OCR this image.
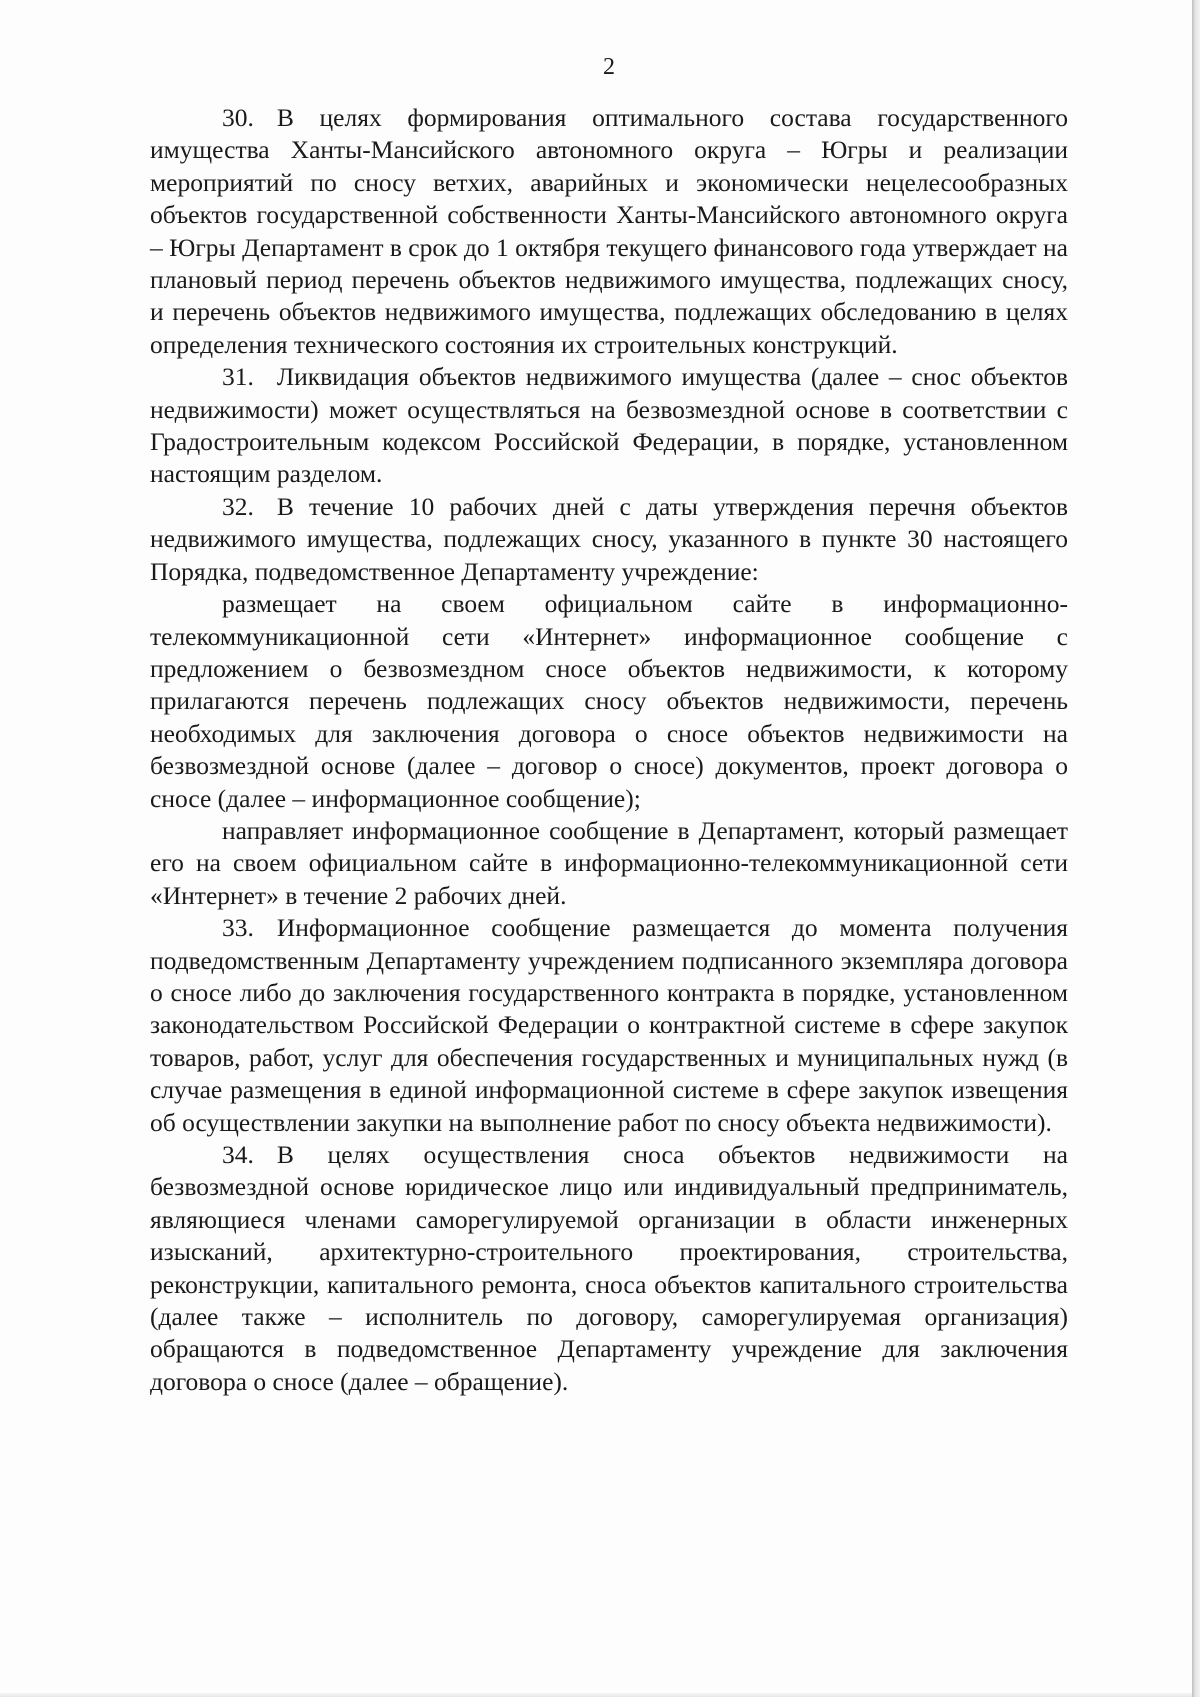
2

30. В целях формирования оптимального состава государственного имущества Ханты-Мансийского автономного округа – Югры и реализации мероприятий по сносу ветхих, аварийных и экономически нецелесообразных объектов государственной собственности Ханты-Мансийского автономного округа – Югры Департамент в срок до 1 октября текущего финансового года утверждает на плановый период перечень объектов недвижимого имущества, подлежащих сносу, и перечень объектов недвижимого имущества, подлежащих обследованию в целях определения технического состояния их строительных конструкций.

31. Ликвидация объектов недвижимого имущества (далее – снос объектов недвижимости) может осуществляться на безвозмездной основе в соответствии с Градостроительным кодексом Российской Федерации, в порядке, установленном настоящим разделом.

32. В течение 10 рабочих дней с даты утверждения перечня объектов недвижимого имущества, подлежащих сносу, указанного в пункте 30 настоящего Порядка, подведомственное Департаменту учреждение:

размещает на своем официальном сайте в информационно-телекоммуникационной сети «Интернет» информационное сообщение с предложением о безвозмездном сносе объектов недвижимости, к которому прилагаются перечень подлежащих сносу объектов недвижимости, перечень необходимых для заключения договора о сносе объектов недвижимости на безвозмездной основе (далее – договор о сносе) документов, проект договора о сносе (далее – информационное сообщение);

направляет информационное сообщение в Департамент, который размещает его на своем официальном сайте в информационно-телекоммуникационной сети «Интернет» в течение 2 рабочих дней.

33. Информационное сообщение размещается до момента получения подведомственным Департаменту учреждением подписанного экземпляра договора о сносе либо до заключения государственного контракта в порядке, установленном законодательством Российской Федерации о контрактной системе в сфере закупок товаров, работ, услуг для обеспечения государственных и муниципальных нужд (в случае размещения в единой информационной системе в сфере закупок извещения об осуществлении закупки на выполнение работ по сносу объекта недвижимости).

34. В целях осуществления сноса объектов недвижимости на безвозмездной основе юридическое лицо или индивидуальный предприниматель, являющиеся членами саморегулируемой организации в области инженерных изысканий, архитектурно-строительного проектирования, строительства, реконструкции, капитального ремонта, сноса объектов капитального строительства (далее также – исполнитель по договору, саморегулируемая организация) обращаются в подведомственное Департаменту учреждение для заключения договора о сносе (далее – обращение).
